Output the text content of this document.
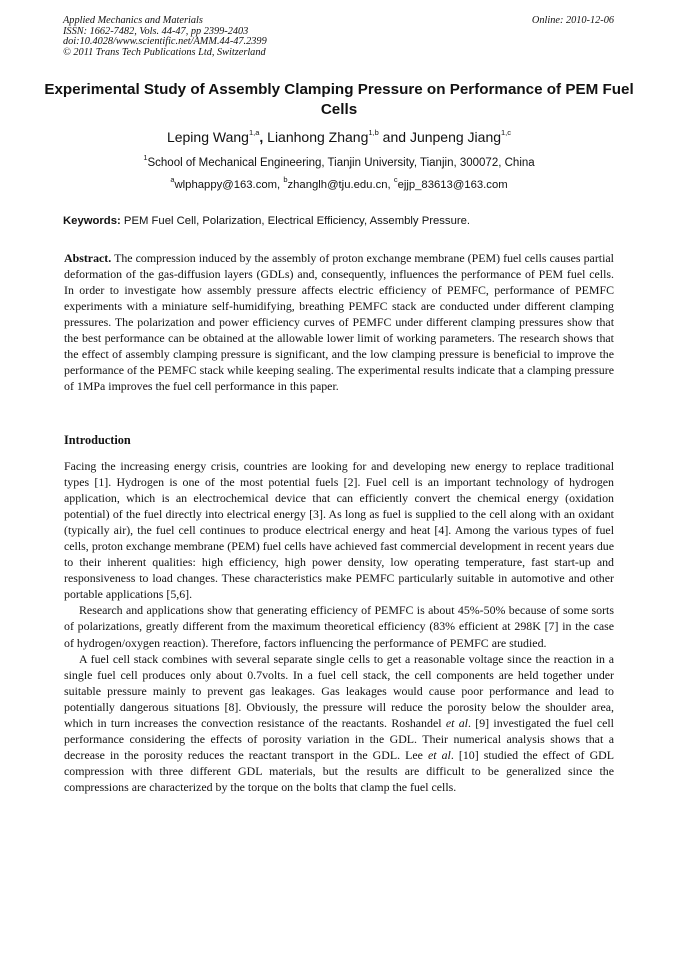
Applied Mechanics and Materials
ISSN: 1662-7482, Vols. 44-47, pp 2399-2403
doi:10.4028/www.scientific.net/AMM.44-47.2399
© 2011 Trans Tech Publications Ltd, Switzerland
Online: 2010-12-06
Experimental Study of Assembly Clamping Pressure on Performance of PEM Fuel Cells
Leping Wang$^{1,a}$, Lianhong Zhang$^{1,b}$ and Junpeng Jiang$^{1,c}$
$^1$School of Mechanical Engineering, Tianjin University, Tianjin, 300072, China
$^a$wlphappy@163.com, $^b$zhanglh@tju.edu.cn, $^c$ejjp_83613@163.com
Keywords: PEM Fuel Cell, Polarization, Electrical Efficiency, Assembly Pressure.

Abstract. The compression induced by the assembly of proton exchange membrane (PEM) fuel cells causes partial deformation of the gas-diffusion layers (GDLs) and, consequently, influences the performance of PEM fuel cells. In order to investigate how assembly pressure affects electric efficiency of PEMFC, performance of PEMFC experiments with a miniature self-humidifying, breathing PEMFC stack are conducted under different clamping pressures. The polarization and power efficiency curves of PEMFC under different clamping pressures show that the best performance can be obtained at the allowable lower limit of working parameters. The research shows that the effect of assembly clamping pressure is significant, and the low clamping pressure is beneficial to improve the performance of the PEMFC stack while keeping sealing. The experimental results indicate that a clamping pressure of 1MPa improves the fuel cell performance in this paper.

Introduction

Facing the increasing energy crisis, countries are looking for and developing new energy to replace traditional types [1]. Hydrogen is one of the most potential fuels [2]. Fuel cell is an important technology of hydrogen application, which is an electrochemical device that can efficiently convert the chemical energy (oxidation potential) of the fuel directly into electrical energy [3]. As long as fuel is supplied to the cell along with an oxidant (typically air), the fuel cell continues to produce electrical energy and heat [4]. Among the various types of fuel cells, proton exchange membrane (PEM) fuel cells have achieved fast commercial development in recent years due to their inherent qualities: high efficiency, high power density, low operating temperature, fast start-up and responsiveness to load changes. These characteristics make PEMFC particularly suitable in automotive and other portable applications [5,6].

Research and applications show that generating efficiency of PEMFC is about 45%-50% because of some sorts of polarizations, greatly different from the maximum theoretical efficiency (83% efficient at 298K [7] in the case of hydrogen/oxygen reaction). Therefore, factors influencing the performance of PEMFC are studied.

A fuel cell stack combines with several separate single cells to get a reasonable voltage since the reaction in a single fuel cell produces only about 0.7volts. In a fuel cell stack, the cell components are held together under suitable pressure mainly to prevent gas leakages. Gas leakages would cause poor performance and lead to potentially dangerous situations [8]. Obviously, the pressure will reduce the porosity below the shoulder area, which in turn increases the convection resistance of the reactants. Roshandel et al. [9] investigated the fuel cell performance considering the effects of porosity variation in the GDL. Their numerical analysis shows that a decrease in the porosity reduces the reactant transport in the GDL. Lee et al. [10] studied the effect of GDL compression with three different GDL materials, but the results are difficult to be generalized since the compressions are characterized by the torque on the bolts that clamp the fuel cells.
